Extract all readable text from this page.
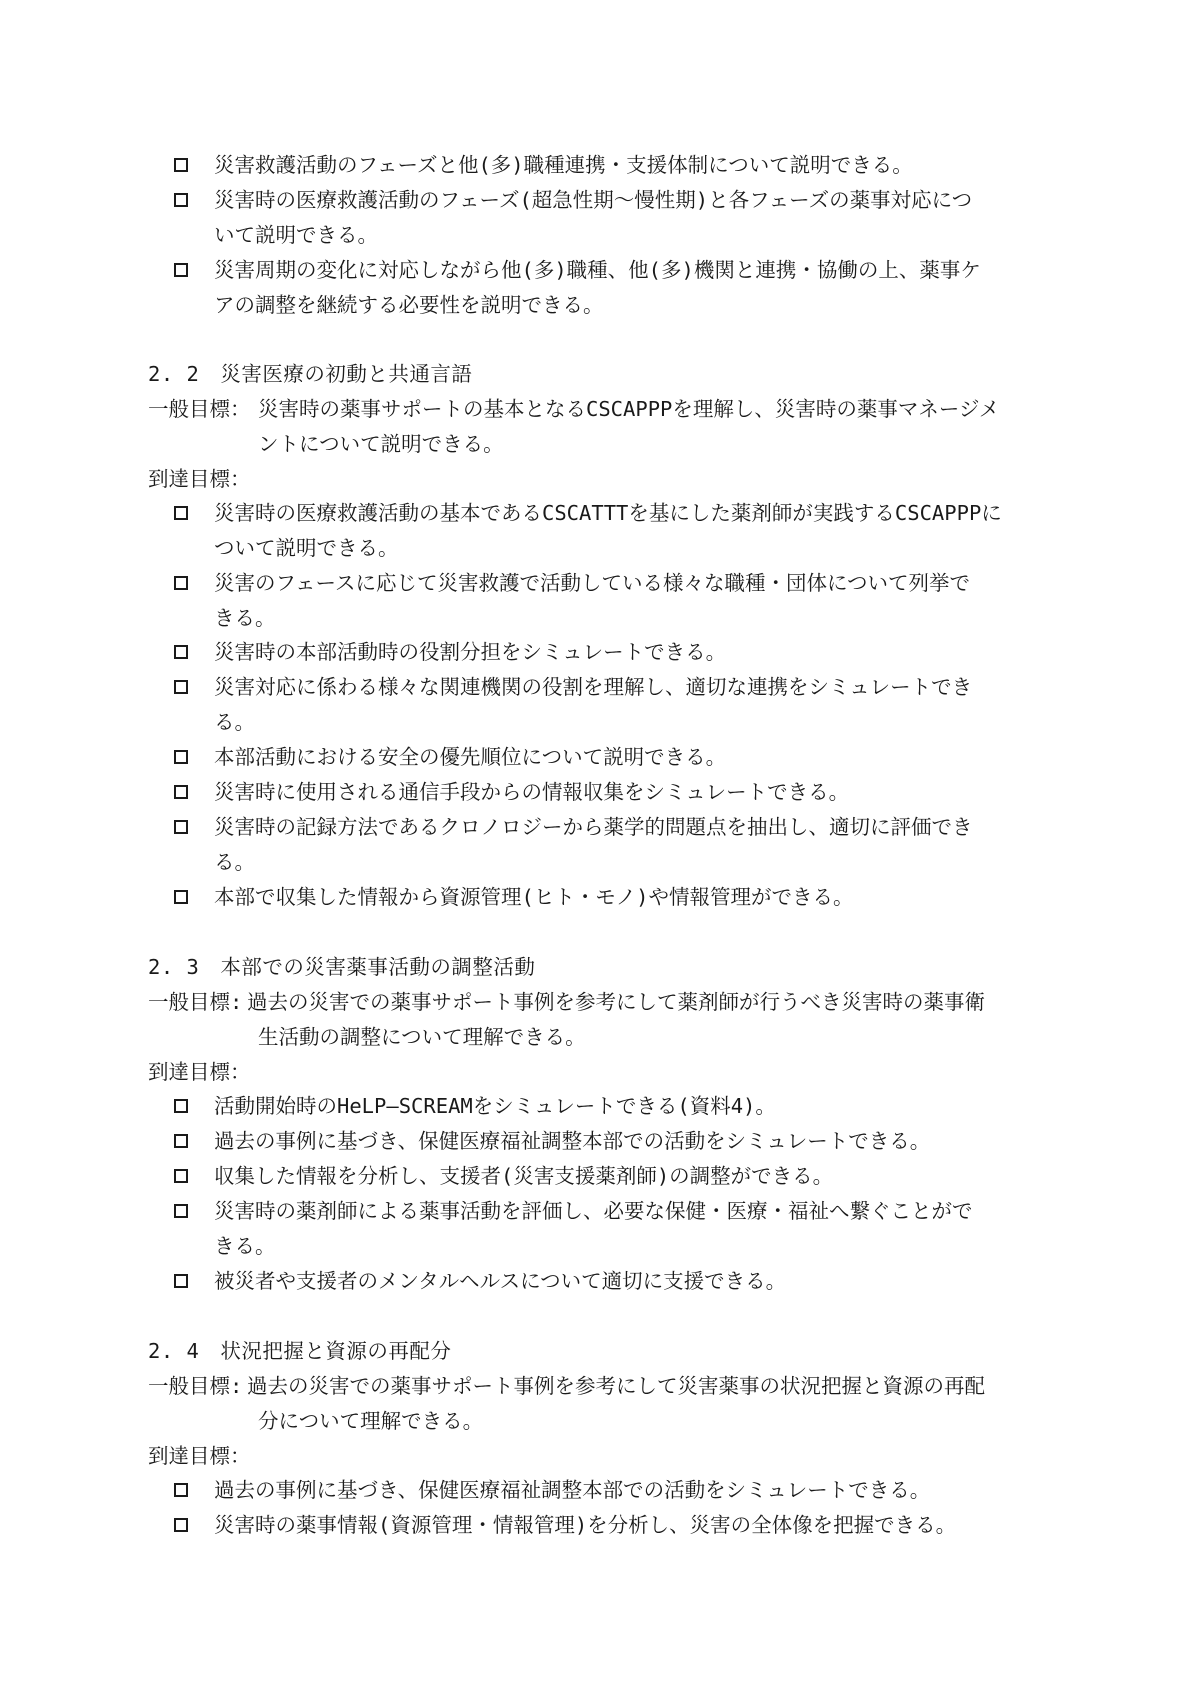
災害救護活動のフェーズと他(多)職種連携・支援体制について説明できる。
災害時の医療救護活動のフェーズ(超急性期〜慢性期)と各フェーズの薬事対応につ
いて説明できる。
災害周期の変化に対応しながら他(多)職種、他(多)機関と連携・協働の上、薬事ケ
アの調整を継続する必要性を説明できる。
2. 2　災害医療の初動と共通言語
一般目標： 災害時の薬事サポートの基本となるCSCAPPPを理解し、災害時の薬事マネージメ
ントについて説明できる。
到達目標：
災害時の医療救護活動の基本であるCSCATTTを基にした薬剤師が実践するCSCAPPPに
ついて説明できる。
災害のフェースに応じて災害救護で活動している様々な職種・団体について列挙で
きる。
災害時の本部活動時の役割分担をシミュレートできる。
災害対応に係わる様々な関連機関の役割を理解し、適切な連携をシミュレートでき
る。
本部活動における安全の優先順位について説明できる。
災害時に使用される通信手段からの情報収集をシミュレートできる。
災害時の記録方法であるクロノロジーから薬学的問題点を抽出し、適切に評価でき
る。
本部で収集した情報から資源管理(ヒト・モノ)や情報管理ができる。
2. 3　本部での災害薬事活動の調整活動
一般目標: 過去の災害での薬事サポート事例を参考にして薬剤師が行うべき災害時の薬事衛
生活動の調整について理解できる。
到達目標：
活動開始時のHeLP―SCREAMをシミュレートできる(資料4)。
過去の事例に基づき、保健医療福祉調整本部での活動をシミュレートできる。
収集した情報を分析し、支援者(災害支援薬剤師)の調整ができる。
災害時の薬剤師による薬事活動を評価し、必要な保健・医療・福祉へ繋ぐことがで
きる。
被災者や支援者のメンタルヘルスについて適切に支援できる。
2. 4　状況把握と資源の再配分
一般目標: 過去の災害での薬事サポート事例を参考にして災害薬事の状況把握と資源の再配
分について理解できる。
到達目標：
過去の事例に基づき、保健医療福祉調整本部での活動をシミュレートできる。
災害時の薬事情報(資源管理・情報管理)を分析し、災害の全体像を把握できる。
